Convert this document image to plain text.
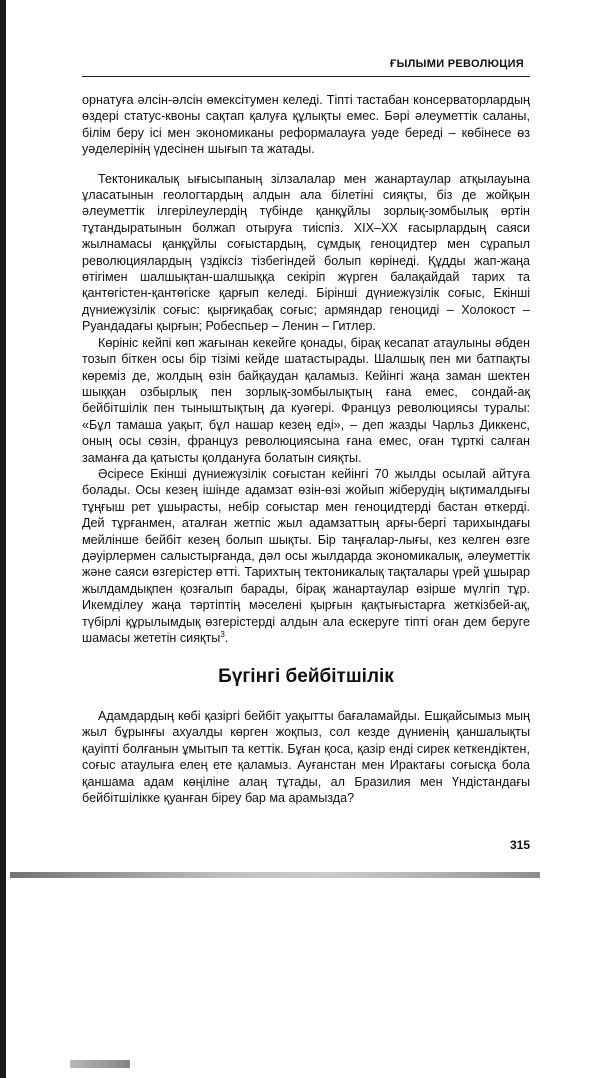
ҒЫЛЫМИ РЕВОЛЮЦИЯ

орнатуға әлсін-әлсін өмексітумен келеді. Тіпті тастабан консерваторлардың өздері статус-квоны сақтап қалуға құлықты емес. Бәрі әлеуметтік саланы, білім беру ісі мен экономиканы реформалауға уәде береді – көбінесе өз уәделерінің үдесінен шығып та жатады.

Тектоникалық ығысыпаның зілзалалар мен жанартаулар атқылауына ұласатынын геологтардың алдын ала білетіні сияқты, біз де жойқын әлеуметтік ілгерілеулердің түбінде қанқұйлы зорлық-зомбылық өртін тұтандыратынын болжап отыруға тиіспіз. XIX–XX ғасырлардың саяси жылнамасы қанқұйлы соғыстардың, сұмдық геноцидтер мен сұрапыл революциялардың үздіксіз тізбегіндей болып көрінеді. Құдды жап-жаңа өтігімен шалшықтан-шалшыққа секіріп жүрген балақайдай тарих та қантөгістен-қантөгіске қарғып келеді. Бірінші дүниежүзілік соғыс, Екінші дүниежүзілік соғыс: қырғиқабақ соғыс; армяндар геноциді – Холокост – Руандадағы қырғын; Робеспьер – Ленин – Гитлер.

Көрініс кейпі көп жағынан кекейге қонады, бірақ кесапат атаулыны әбден тозып біткен осы бір тізімі кейде шатастырады. Шалшық пен ми батпақты көреміз де, жолдың өзін байқаудан қаламыз. Кейінгі жаңа заман шектен шыққан озбырлық пен зорлық-зомбылықтың ғана емес, сондай-ақ бейбітшілік пен тыныштықтың да куәгері. Француз революциясы туралы: «Бұл тамаша уақыт, бұл нашар кезең еді», – деп жазды Чарльз Диккенс, оның осы сөзін, француз революциясына ғана емес, оған тұрткі салған заманға да қатысты қолдануға болатын сияқты.

Әсіресе Екінші дүниежүзілік соғыстан кейінгі 70 жылды осылай айтуға болады. Осы кезең ішінде адамзат өзін-өзі жойып жіберудің ықтималдығы тұңғыш рет ұшырасты, небір соғыстар мен геноцидтерді бастан өткерді. Дей тұрғанмен, аталған жетпіс жыл адамзаттың арғы-бергі тарихындағы мейлінше бейбіт кезең болып шықты. Бір таңғалар-лығы, кез келген өзге дәуірлермен салыстырғанда, дәл осы жылдарда экономикалық, әлеуметтік және саяси өзгерістер өтті. Тарихтың тектоникалық тақталары үрей ұшырар жылдамдықпен қозғалып барады, бірақ жанартаулар өзірше мүлгіп тұр. Икемділеу жаңа тәртіптің мәселені қырғын қақтығыстарға жеткізбей-ақ, түбірлі құрылымдық өзгерістерді алдын ала ескеруге тіпті оған дем беруге шамасы жететін сияқты$^3$.

Бүгінгі бейбітшілік

Адамдардың көбі қазіргі бейбіт уақытты бағаламайды. Ешқайсымыз мың жыл бұрынғы ахуалды көрген жоқпыз, сол кезде дүниенің қаншалықты қауіпті болғанын ұмытып та кеттік. Бұған қоса, қазір енді сирек кеткендіктен, соғыс атаулыға елең ете қаламыз. Ауғанстан мен Ирактағы соғысқа бола қаншама адам көңіліне алаң тұтады, ал Бразилия мен Үндістандағы бейбітшілікке қуанған біреу бар ма арамызда?

315
